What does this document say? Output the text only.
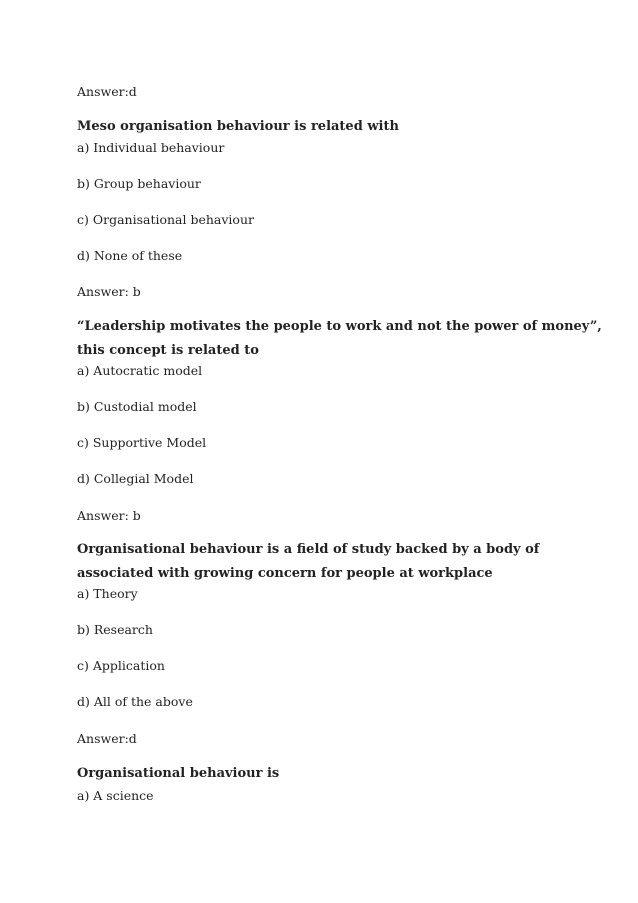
Answer:d
Meso organisation behaviour is related with
a) Individual behaviour
b) Group behaviour
c) Organisational behaviour
d) None of these
Answer: b
“Leadership motivates the people to work and not the power of money”,
this concept is related to
a) Autocratic model
b) Custodial model
c) Supportive Model
d) Collegial Model
Answer: b
Organisational behaviour is a field of study backed by a body of
associated with growing concern for people at workplace
a) Theory
b) Research
c) Application
d) All of the above
Answer:d
Organisational behaviour is
a) A science
